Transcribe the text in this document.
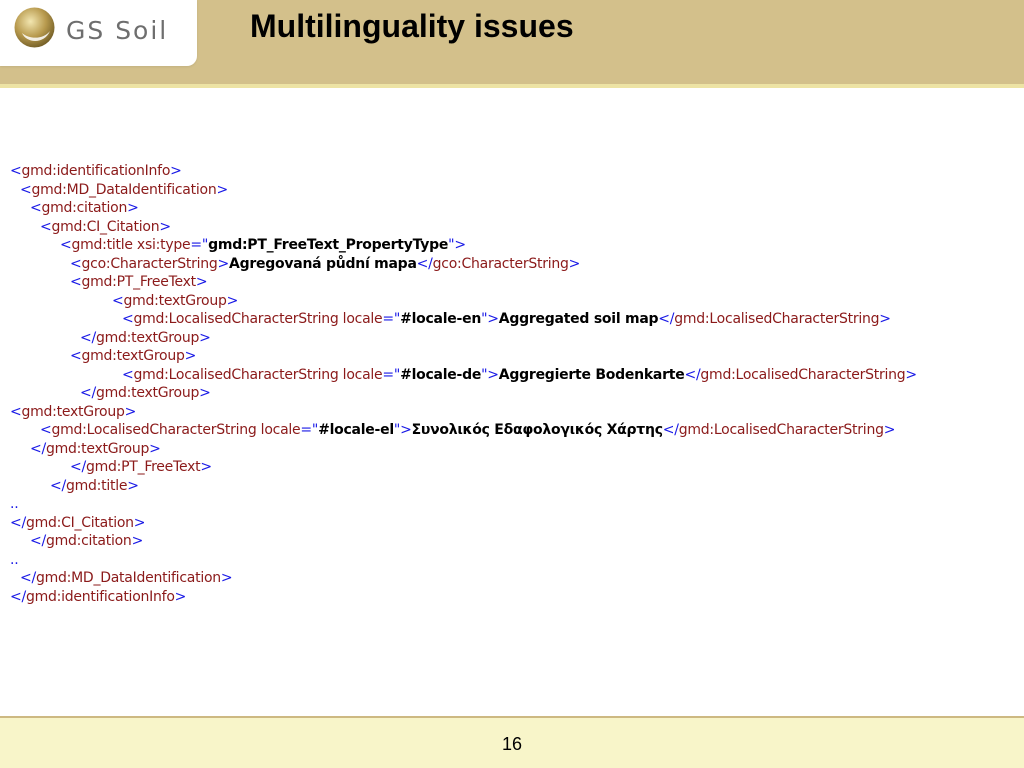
GS Soil	Multilinguality issues
<gmd:identificationInfo>
<gmd:MD_DataIdentification>
<gmd:citation>
<gmd:CI_Citation>
<gmd:title xsi:type="gmd:PT_FreeText_PropertyType">
<gco:CharacterString>Agregovaná půdní mapa</gco:CharacterString>
<gmd:PT_FreeText>
<gmd:textGroup>
<gmd:LocalisedCharacterString locale="#locale-en">Aggregated soil map</gmd:LocalisedCharacterString>
</gmd:textGroup>
<gmd:textGroup>
<gmd:LocalisedCharacterString locale="#locale-de">Aggregierte Bodenkarte</gmd:LocalisedCharacterString>
</gmd:textGroup>
<gmd:textGroup>
<gmd:LocalisedCharacterString locale="#locale-el">Συνολικός Εδαφολογικός Χάρτης</gmd:LocalisedCharacterString>
</gmd:textGroup>
</gmd:PT_FreeText>
</gmd:title>
..
</gmd:CI_Citation>
</gmd:citation>
..
</gmd:MD_DataIdentification>
</gmd:identificationInfo>
16
